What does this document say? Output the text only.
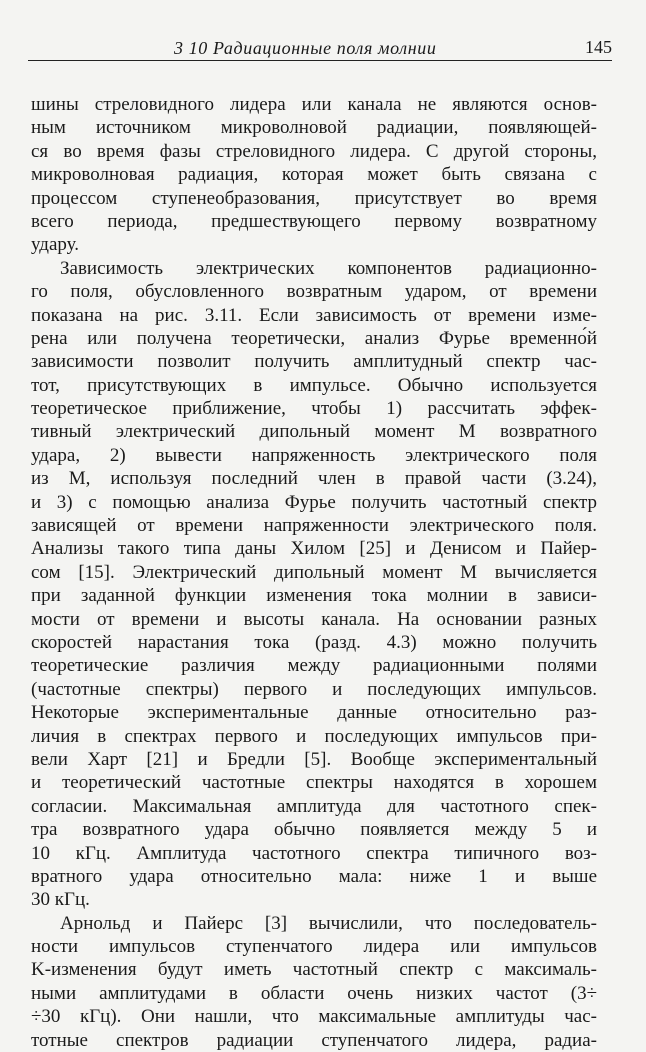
3 10 Радиационные поля молнии	145
шины стреловидного лидера или канала не являются основ-
ным источником микроволновой радиации, появляющей-
ся во время фазы стреловидного лидера. С другой стороны,
микроволновая радиация, которая может быть связана с
процессом ступенеобразования, присутствует во время
всего периода, предшествующего первому возвратному
удару.
Зависимость электрических компонентов радиационно-
го поля, обусловленного возвратным ударом, от времени
показана на рис. 3.11. Если зависимость от времени изме-
рена или получена теоретически, анализ Фурье временно́й
зависимости позволит получить амплитудный спектр час-
тот, присутствующих в импульсе. Обычно используется
теоретическое приближение, чтобы 1) рассчитать эффек-
тивный электрический дипольный момент M возвратного
удара, 2) вывести напряженность электрического поля
из M, используя последний член в правой части (3.24),
и 3) с помощью анализа Фурье получить частотный спектр
зависящей от времени напряженности электрического поля.
Анализы такого типа даны Хилом [25] и Денисом и Пайер-
сом [15]. Электрический дипольный момент M вычисляется
при заданной функции изменения тока молнии в зависи-
мости от времени и высоты канала. На основании разных
скоростей нарастания тока (разд. 4.3) можно получить
теоретические различия между радиационными полями
(частотные спектры) первого и последующих импульсов.
Некоторые экспериментальные данные относительно раз-
личия в спектрах первого и последующих импульсов при-
вели Харт [21] и Бредли [5]. Вообще экспериментальный
и теоретический частотные спектры находятся в хорошем
согласии. Максимальная амплитуда для частотного спек-
тра возвратного удара обычно появляется между 5 и
10 кГц. Амплитуда частотного спектра типичного воз-
вратного удара относительно мала: ниже 1 и выше
30 кГц.
Арнольд и Пайерс [3] вычислили, что последователь-
ности импульсов ступенчатого лидера или импульсов
K-изменения будут иметь частотный спектр с максималь-
ными амплитудами в области очень низких частот (3÷
÷30 кГц). Они нашли, что максимальные амплитуды час-
тотные спектров радиации ступенчатого лидера, радиа-
